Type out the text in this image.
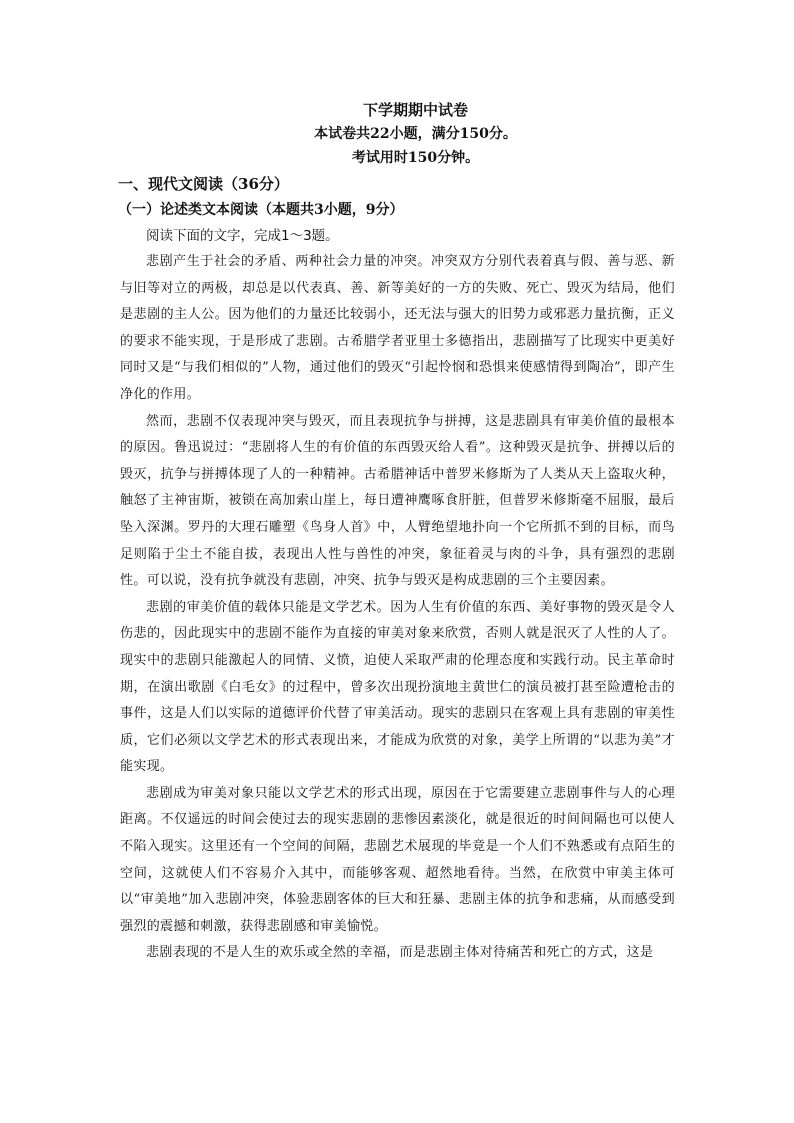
下学期期中试卷

本试卷共22小题，满分150分。

考试用时150分钟。

一、现代文阅读（36分）

（一）论述类文本阅读（本题共3小题，9分）

阅读下面的文字，完成1～3题。

悲剧产生于社会的矛盾、两种社会力量的冲突。冲突双方分别代表着真与假、善与恶、新与旧等对立的两极，却总是以代表真、善、新等美好的一方的失败、死亡、毁灭为结局，他们是悲剧的主人公。因为他们的力量还比较弱小，还无法与强大的旧势力或邪恶力量抗衡，正义的要求不能实现，于是形成了悲剧。古希腊学者亚里士多德指出，悲剧描写了比现实中更美好同时又是“与我们相似的”人物，通过他们的毁灭“引起怜悯和恐惧来使感情得到陶冶”，即产生净化的作用。

然而，悲剧不仅表现冲突与毁灭，而且表现抗争与拼搏，这是悲剧具有审美价值的最根本的原因。鲁迅说过：“悲剧将人生的有价值的东西毁灭给人看”。这种毁灭是抗争、拼搏以后的毁灭，抗争与拼搏体现了人的一种精神。古希腊神话中普罗米修斯为了人类从天上盗取火种，触怒了主神宙斯，被锁在高加索山崖上，每日遭神鹰啄食肝脏，但普罗米修斯毫不屈服，最后坠入深渊。罗丹的大理石雕塑《鸟身人首》中，人臂绝望地扑向一个它所抓不到的目标，而鸟足则陷于尘土不能自拔，表现出人性与兽性的冲突，象征着灵与肉的斗争，具有强烈的悲剧性。可以说，没有抗争就没有悲剧，冲突、抗争与毁灭是构成悲剧的三个主要因素。

悲剧的审美价值的载体只能是文学艺术。因为人生有价值的东西、美好事物的毁灭是令人伤悲的，因此现实中的悲剧不能作为直接的审美对象来欣赏，否则人就是泯灭了人性的人了。现实中的悲剧只能激起人的同情、义愤，迫使人采取严肃的伦理态度和实践行动。民主革命时期，在演出歌剧《白毛女》的过程中，曾多次出现扮演地主黄世仁的演员被打甚至险遭枪击的事件，这是人们以实际的道德评价代替了审美活动。现实的悲剧只在客观上具有悲剧的审美性质，它们必须以文学艺术的形式表现出来，才能成为欣赏的对象，美学上所谓的“以悲为美”才能实现。

悲剧成为审美对象只能以文学艺术的形式出现，原因在于它需要建立悲剧事件与人的心理距离。不仅遥远的时间会使过去的现实悲剧的悲惨因素淡化，就是很近的时间间隔也可以使人不陷入现实。这里还有一个空间的间隔，悲剧艺术展现的毕竟是一个人们不熟悉或有点陌生的空间，这就使人们不容易介入其中，而能够客观、超然地看待。当然，在欣赏中审美主体可以“审美地”加入悲剧冲突，体验悲剧客体的巨大和狂暴、悲剧主体的抗争和悲痛，从而感受到强烈的震撼和刺激，获得悲剧感和审美愉悦。

悲剧表现的不是人生的欢乐或全然的幸福，而是悲剧主体对待痛苦和死亡的方式，这是
